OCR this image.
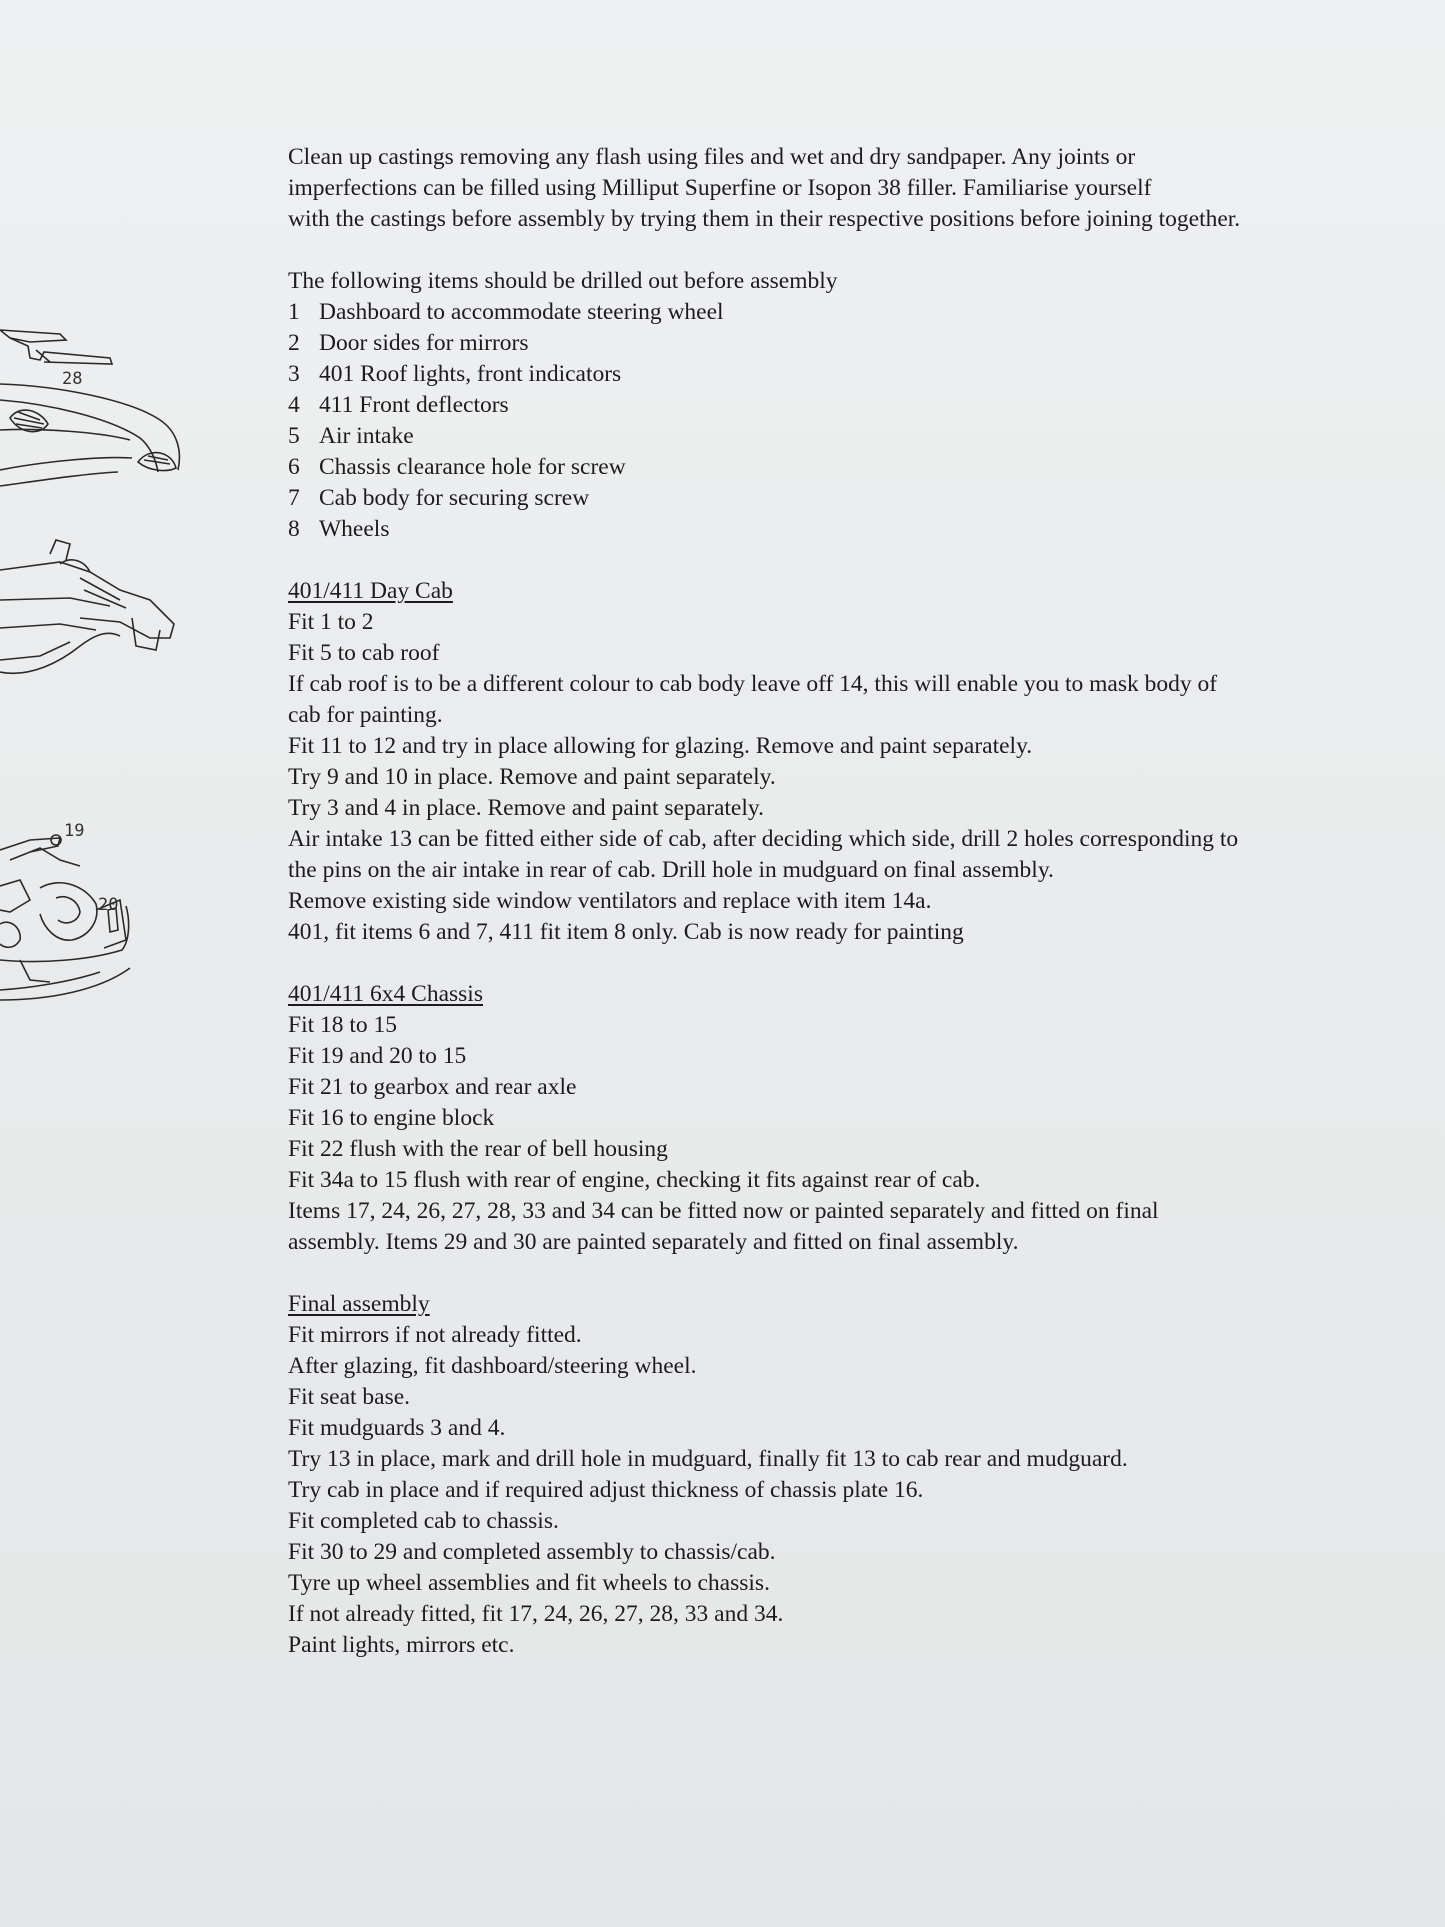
28
19
20
Clean up castings removing any flash using files and wet and dry sandpaper. Any joints or
imperfections can be filled using Milliput Superfine or Isopon 38 filler. Familiarise yourself
with the castings before assembly by trying them in their respective positions before joining together.
The following items should be drilled out before assembly
1 Dashboard to accommodate steering wheel
2 Door sides for mirrors
3 401 Roof lights, front indicators
4 411 Front deflectors
5 Air intake
6 Chassis clearance hole for screw
7 Cab body for securing screw
8 Wheels
401/411 Day Cab
Fit 1 to 2
Fit 5 to cab roof
If cab roof is to be a different colour to cab body leave off 14, this will enable you to mask body of
cab for painting.
Fit 11 to 12 and try in place allowing for glazing. Remove and paint separately.
Try 9 and 10 in place. Remove and paint separately.
Try 3 and 4 in place. Remove and paint separately.
Air intake 13 can be fitted either side of cab, after deciding which side, drill 2 holes corresponding to
the pins on the air intake in rear of cab. Drill hole in mudguard on final assembly.
Remove existing side window ventilators and replace with item 14a.
401, fit items 6 and 7, 411 fit item 8 only. Cab is now ready for painting
401/411 6x4 Chassis
Fit 18 to 15
Fit 19 and 20 to 15
Fit 21 to gearbox and rear axle
Fit 16 to engine block
Fit 22 flush with the rear of bell housing
Fit 34a to 15 flush with rear of engine, checking it fits against rear of cab.
Items 17, 24, 26, 27, 28, 33 and 34 can be fitted now or painted separately and fitted on final
assembly. Items 29 and 30 are painted separately and fitted on final assembly.
Final assembly
Fit mirrors if not already fitted.
After glazing, fit dashboard/steering wheel.
Fit seat base.
Fit mudguards 3 and 4.
Try 13 in place, mark and drill hole in mudguard, finally fit 13 to cab rear and mudguard.
Try cab in place and if required adjust thickness of chassis plate 16.
Fit completed cab to chassis.
Fit 30 to 29 and completed assembly to chassis/cab.
Tyre up wheel assemblies and fit wheels to chassis.
If not already fitted, fit 17, 24, 26, 27, 28, 33 and 34.
Paint lights, mirrors etc.
